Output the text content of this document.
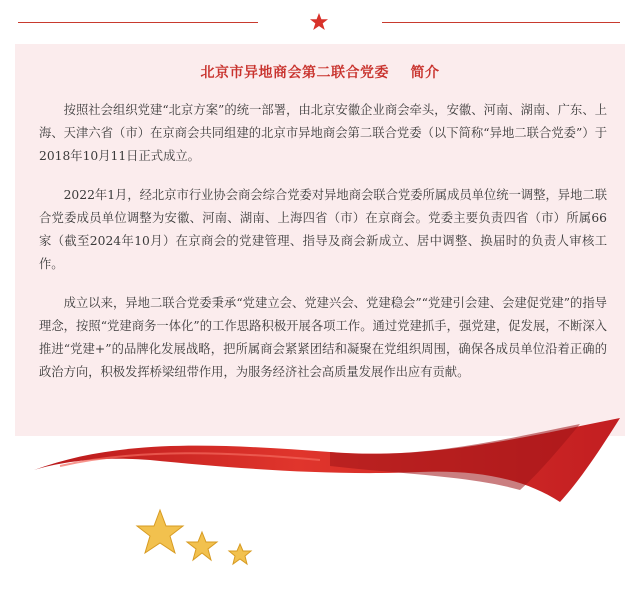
北京市异地商会第二联合党委    简介

按照社会组织党建“北京方案”的统一部署，由北京安徽企业商会牵头，安徽、河南、湖南、广东、上海、天津六省（市）在京商会共同组建的北京市异地商会第二联合党委（以下简称“异地二联合党委”）于2018年10月11日正式成立。

2022年1月，经北京市行业协会商会综合党委对异地商会联合党委所属成员单位统一调整，异地二联合党委成员单位调整为安徽、河南、湖南、上海四省（市）在京商会。党委主要负责四省（市）所属66家（截至2024年10月）在京商会的党建管理、指导及商会新成立、居中调整、换届时的负责人审核工作。

成立以来，异地二联合党委秉承“党建立会、党建兴会、党建稳会”“党建引会建、会建促党建”的指导理念，按照“党建商务一体化”的工作思路积极开展各项工作。通过党建抓手，强党建，促发展，不断深入推进“党建+”的品牌化发展战略，把所属商会紧紧团结和凝聚在党组织周围，确保各成员单位沿着正确的政治方向，积极发挥桥梁纽带作用，为服务经济社会高质量发展作出应有贡献。
